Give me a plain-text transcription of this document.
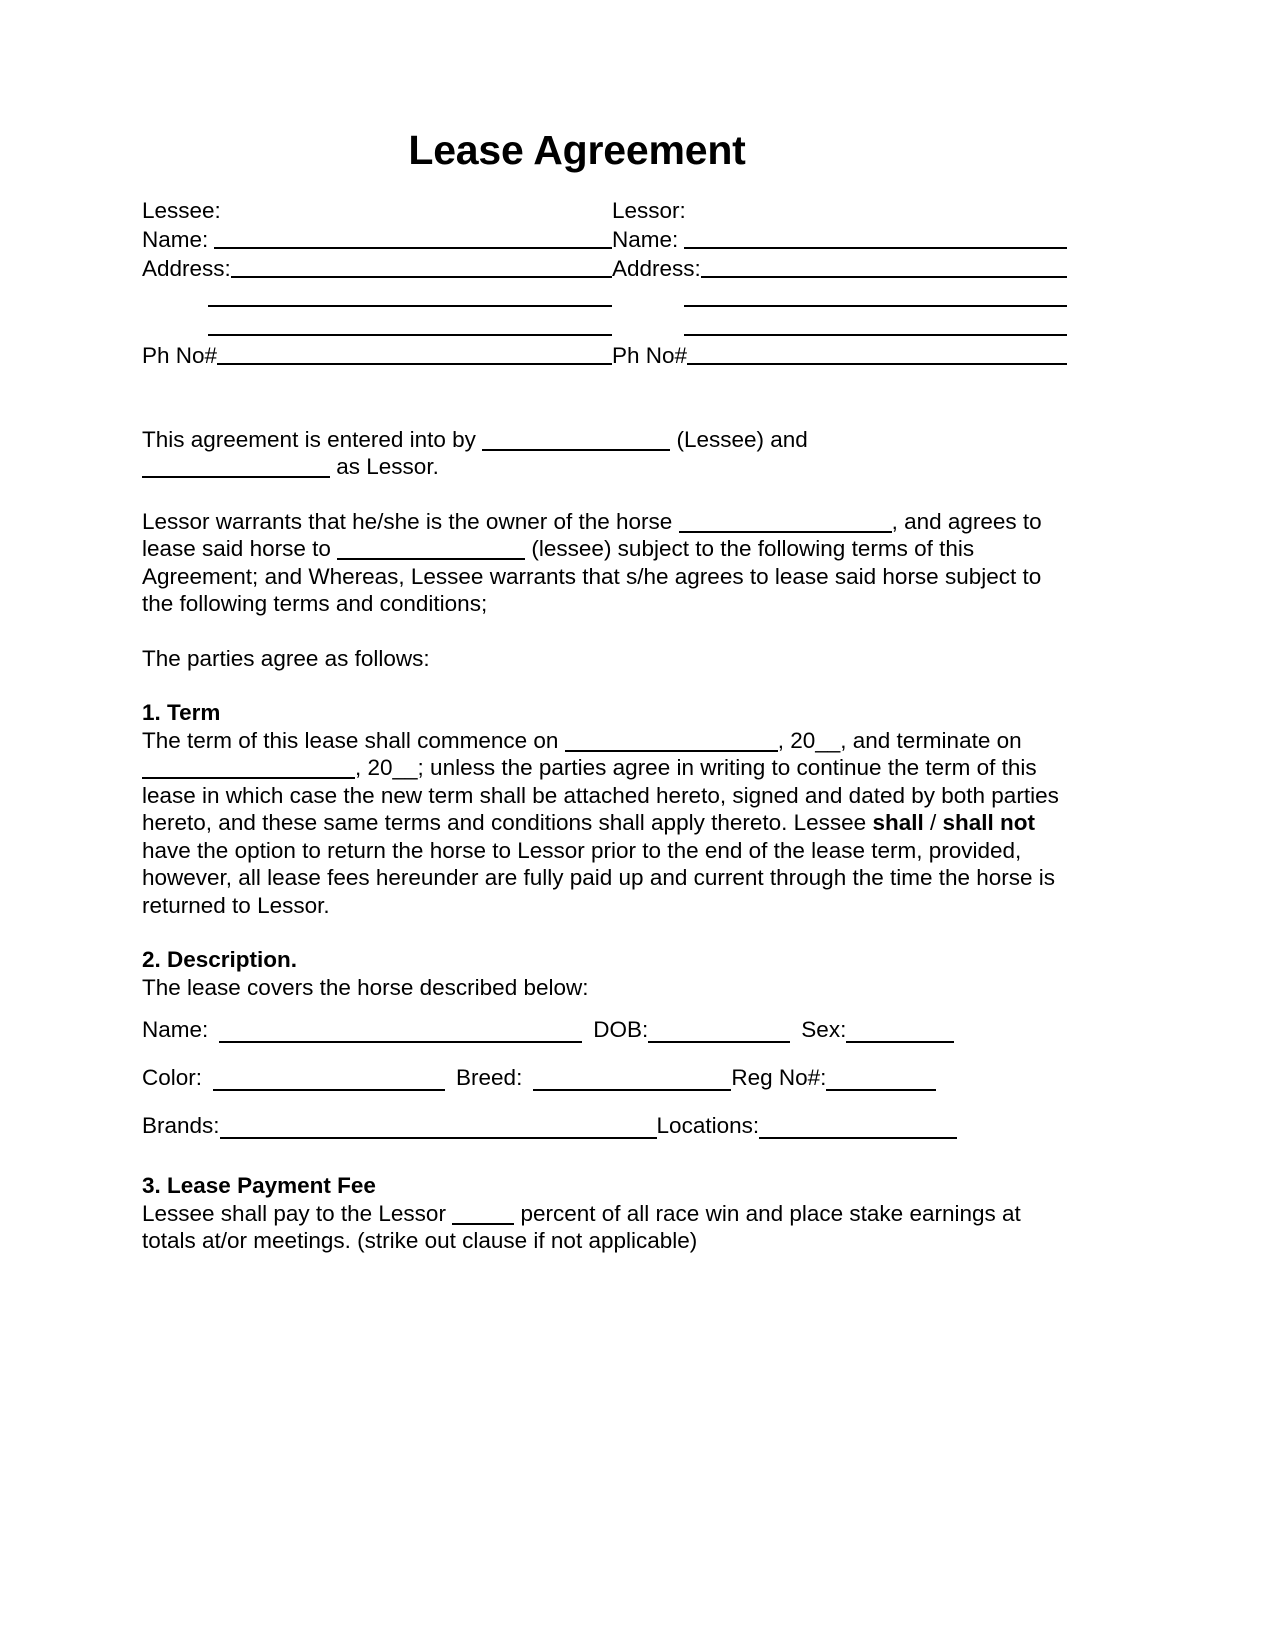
Lease Agreement
Lessee:
Name:
Address:
Ph No#
Lessor:
Name:
Address:
Ph No#

This agreement is entered into by	(Lessee) and
as Lessor.

Lessor warrants that he/she is the owner of the horse	, and agrees to lease said horse to	(lessee) subject to the following terms of this Agreement; and Whereas, Lessee warrants that s/he agrees to lease said horse subject to the following terms and conditions;

The parties agree as follows:

1. Term

The term of this lease shall commence on	, 20__, and terminate on
, 20__; unless the parties agree in writing to continue the term of this lease in which case the new term shall be attached hereto, signed and dated by both parties hereto, and these same terms and conditions shall apply thereto. Lessee shall / shall not have the option to return the horse to Lessor prior to the end of the lease term, provided, however, all lease fees hereunder are fully paid up and current through the time the horse is returned to Lessor.

2. Description.

The lease covers the horse described below:

Name:	DOB:	Sex:
Color:	Breed:	Reg No#:
Brands:	Locations:

3. Lease Payment Fee

Lessee shall pay to the Lessor	percent of all race win and place stake earnings at totals at/or meetings. (strike out clause if not applicable)
